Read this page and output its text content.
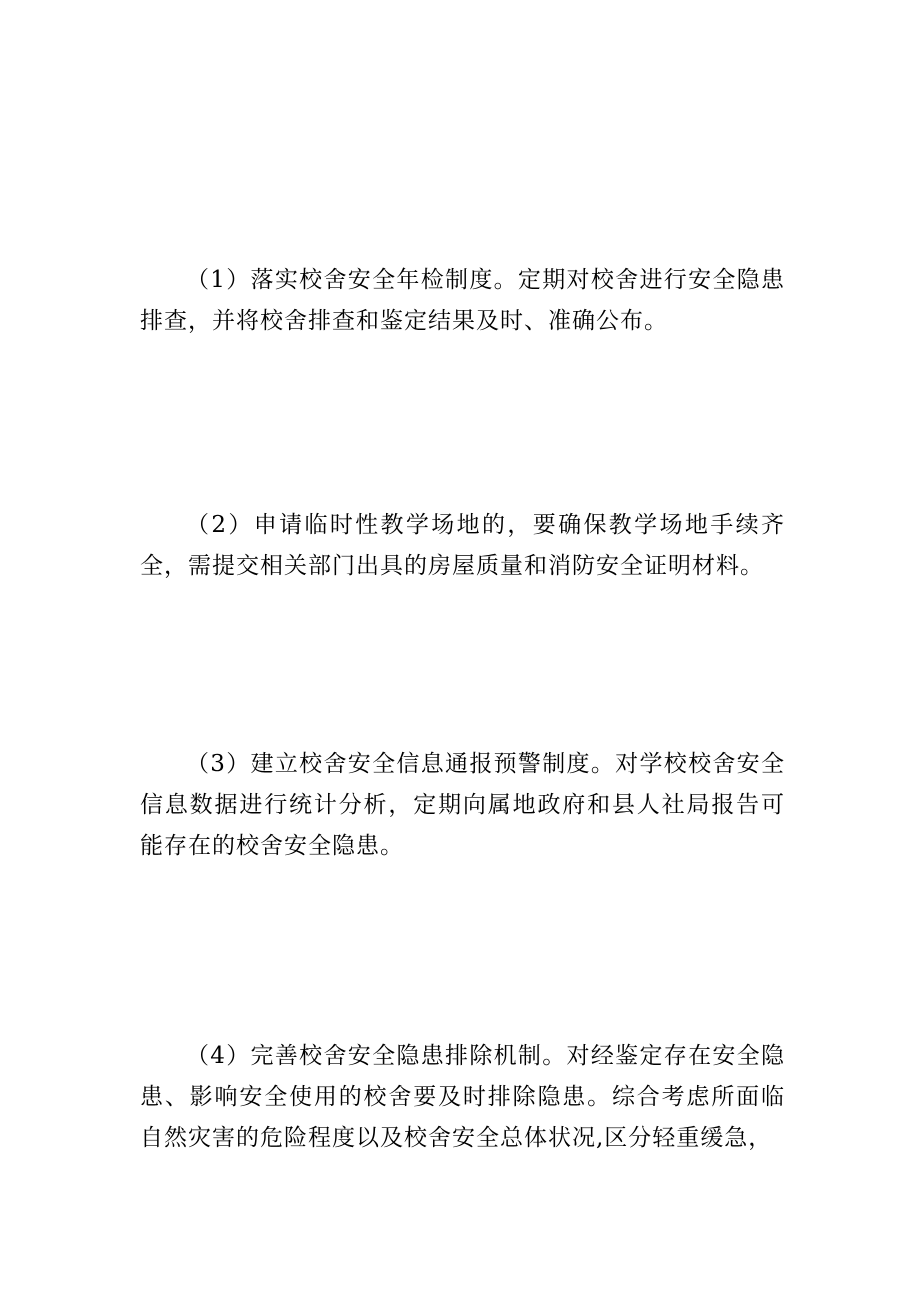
（1）落实校舍安全年检制度。定期对校舍进行安全隐患排查，并将校舍排查和鉴定结果及时、准确公布。

（2）申请临时性教学场地的，要确保教学场地手续齐全，需提交相关部门出具的房屋质量和消防安全证明材料。

（3）建立校舍安全信息通报预警制度。对学校校舍安全信息数据进行统计分析，定期向属地政府和县人社局报告可能存在的校舍安全隐患。

（4）完善校舍安全隐患排除机制。对经鉴定存在安全隐患、影响安全使用的校舍要及时排除隐患。综合考虑所面临自然灾害的危险程度以及校舍安全总体状况,区分轻重缓急，
